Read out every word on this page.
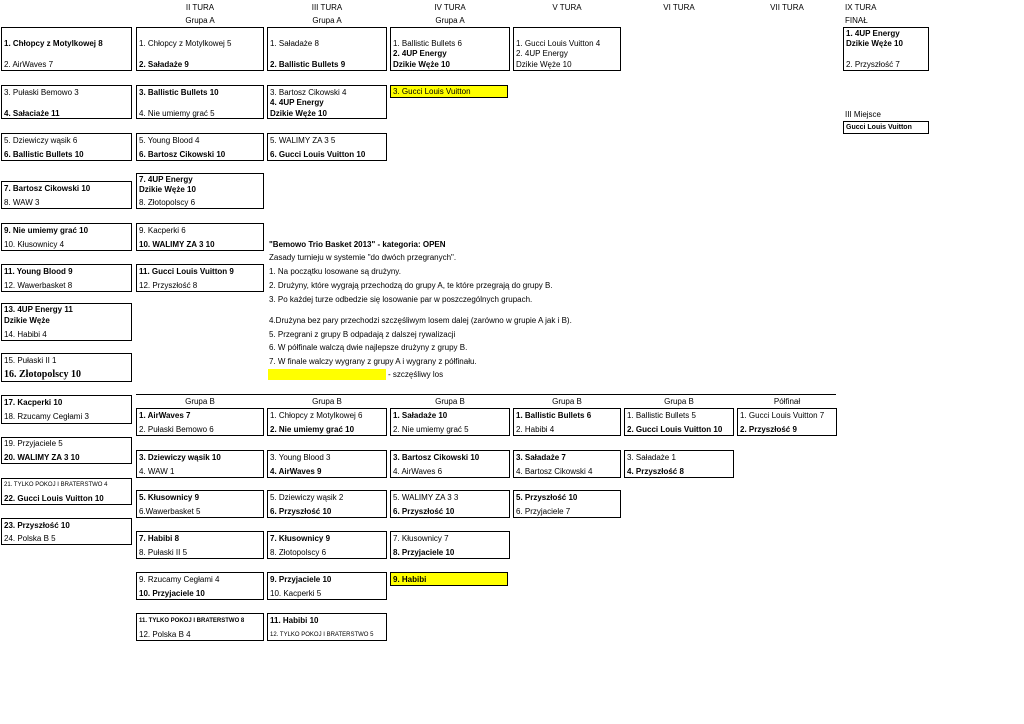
II TURA	III TURA	IV TURA	V TURA	VI TURA	VII TURA	IX TURA
Grupa A	Grupa A	Grupa A	FINAŁ
1. Chłopcy z Motylkowej 8
2. AirWaves 7
3. Pułaski Bemowo 3
4. Sałaciaże 11
5. Dziewiczy wąsik 6
6. Ballistic Bullets 10
7. Bartosz Cikowski 10
8. WAW 3
9. Nie umiemy grać 10
10. Kłusownicy 4
11. Young Blood 9
12. Wawerbasket 8
13. 4UP Energy 11
Dzikie Węże
14. Habibi 4
15. Pułaski II 1
16. Złotopolscy 10
1. Chłopcy z Motylkowej 5
2. Saładaże 9
3. Ballistic Bullets 10
4. Nie umiemy grać 5
5. Young Blood 4
6. Bartosz Cikowski 10
7. 4UP Energy
Dzikie Węże 10
8. Złotopolscy 6
9. Kacperki 6
10. WALIMY ZA 3 10
11. Gucci Louis Vuitton 9
12. Przyszłość 8
1. Saładaże 8
2. Ballistic Bullets 9
3. Bartosz Cikowski 4
4. 4UP Energy
Dzikie Węże 10
5. WALIMY ZA 3 5
6. Gucci Louis Vuitton 10
1. Ballistic Bullets 6
2. 4UP Energy
Dzikie Węże 10
3. Gucci Louis Vuitton
1. Gucci Louis Vuitton 4
2. 4UP Energy
Dzikie Węże 10
1. 4UP Energy
Dzikie Węże 10
2. Przyszłość 7
III Miejsce
Gucci Louis Vuitton
"Bemowo Trio Basket 2013" - kategoria: OPEN
Zasady turnieju w systemie "do dwóch przegranych".
1. Na początku losowane są drużyny.
2. Drużyny, które wygrają przechodzą do grupy A, te które przegrają do grupy B.
3. Po każdej turze odbedzie się losowanie par w poszczególnych grupach.
4.Drużyna bez pary przechodzi szczęśliwym losem dalej (zarówno w grupie A jak i B).
5. Przegrani z grupy B odpadają z dalszej rywalizacji
6. W półfinale walczą dwie najlepsze drużyny z grupy B.
7. W finale walczy wygrany z grupy A i wygrany z półfinału.
- szczęśliwy los
Grupa B	Grupa B	Grupa B	Grupa B	Grupa B	Półfinał
17. Kacperki 10
18. Rzucamy Cegłami 3
19. Przyjaciele 5
20. WALIMY ZA 3 10
21. TYLKO POKÓJ I BRATERSTWO 4
22. Gucci Louis Vuitton 10
23. Przyszłość 10
24. Polska B 5
1. AirWaves 7
2. Pułaski Bemowo 6
3. Dziewiczy wąsik 10
4. WAW 1
5. Kłusownicy 9
6.Wawerbasket 5
7. Habibi 8
8. Pułaski II 5
9. Rzucamy Cegłami 4
10. Przyjaciele 10
11. TYLKO POKÓJ I BRATERSTWO 8
12. Polska B 4
1. Chłopcy z Motylkowej 6
2. Nie umiemy grać 10
3. Young Blood 3
4. AirWaves 9
5. Dziewiczy wąsik 2
6. Przyszłość 10
7. Kłusownicy 9
8. Złotopolscy 6
9. Przyjaciele 10
10. Kacperki 5
11. Habibi 10
12. TYLKO POKÓJ I BRATERSTWO 5
1. Saładaże 10
2. Nie umiemy grać 5
3. Bartosz Cikowski 10
4. AirWaves 6
5. WALIMY ZA 3 3
6. Przyszłość 10
7. Kłusownicy 7
8. Przyjaciele 10
9. Habibi
1. Ballistic Bullets 6
2. Habibi 4
3. Saładaże 7
4. Bartosz Cikowski 4
5. Przyszłość 10
6. Przyjaciele 7
1. Ballistic Bullets 5
2. Gucci Louis Vuitton 10
3. Saładaże 1
4. Przyszłość 8
1. Gucci Louis Vuitton 7
2. Przyszłość 9
